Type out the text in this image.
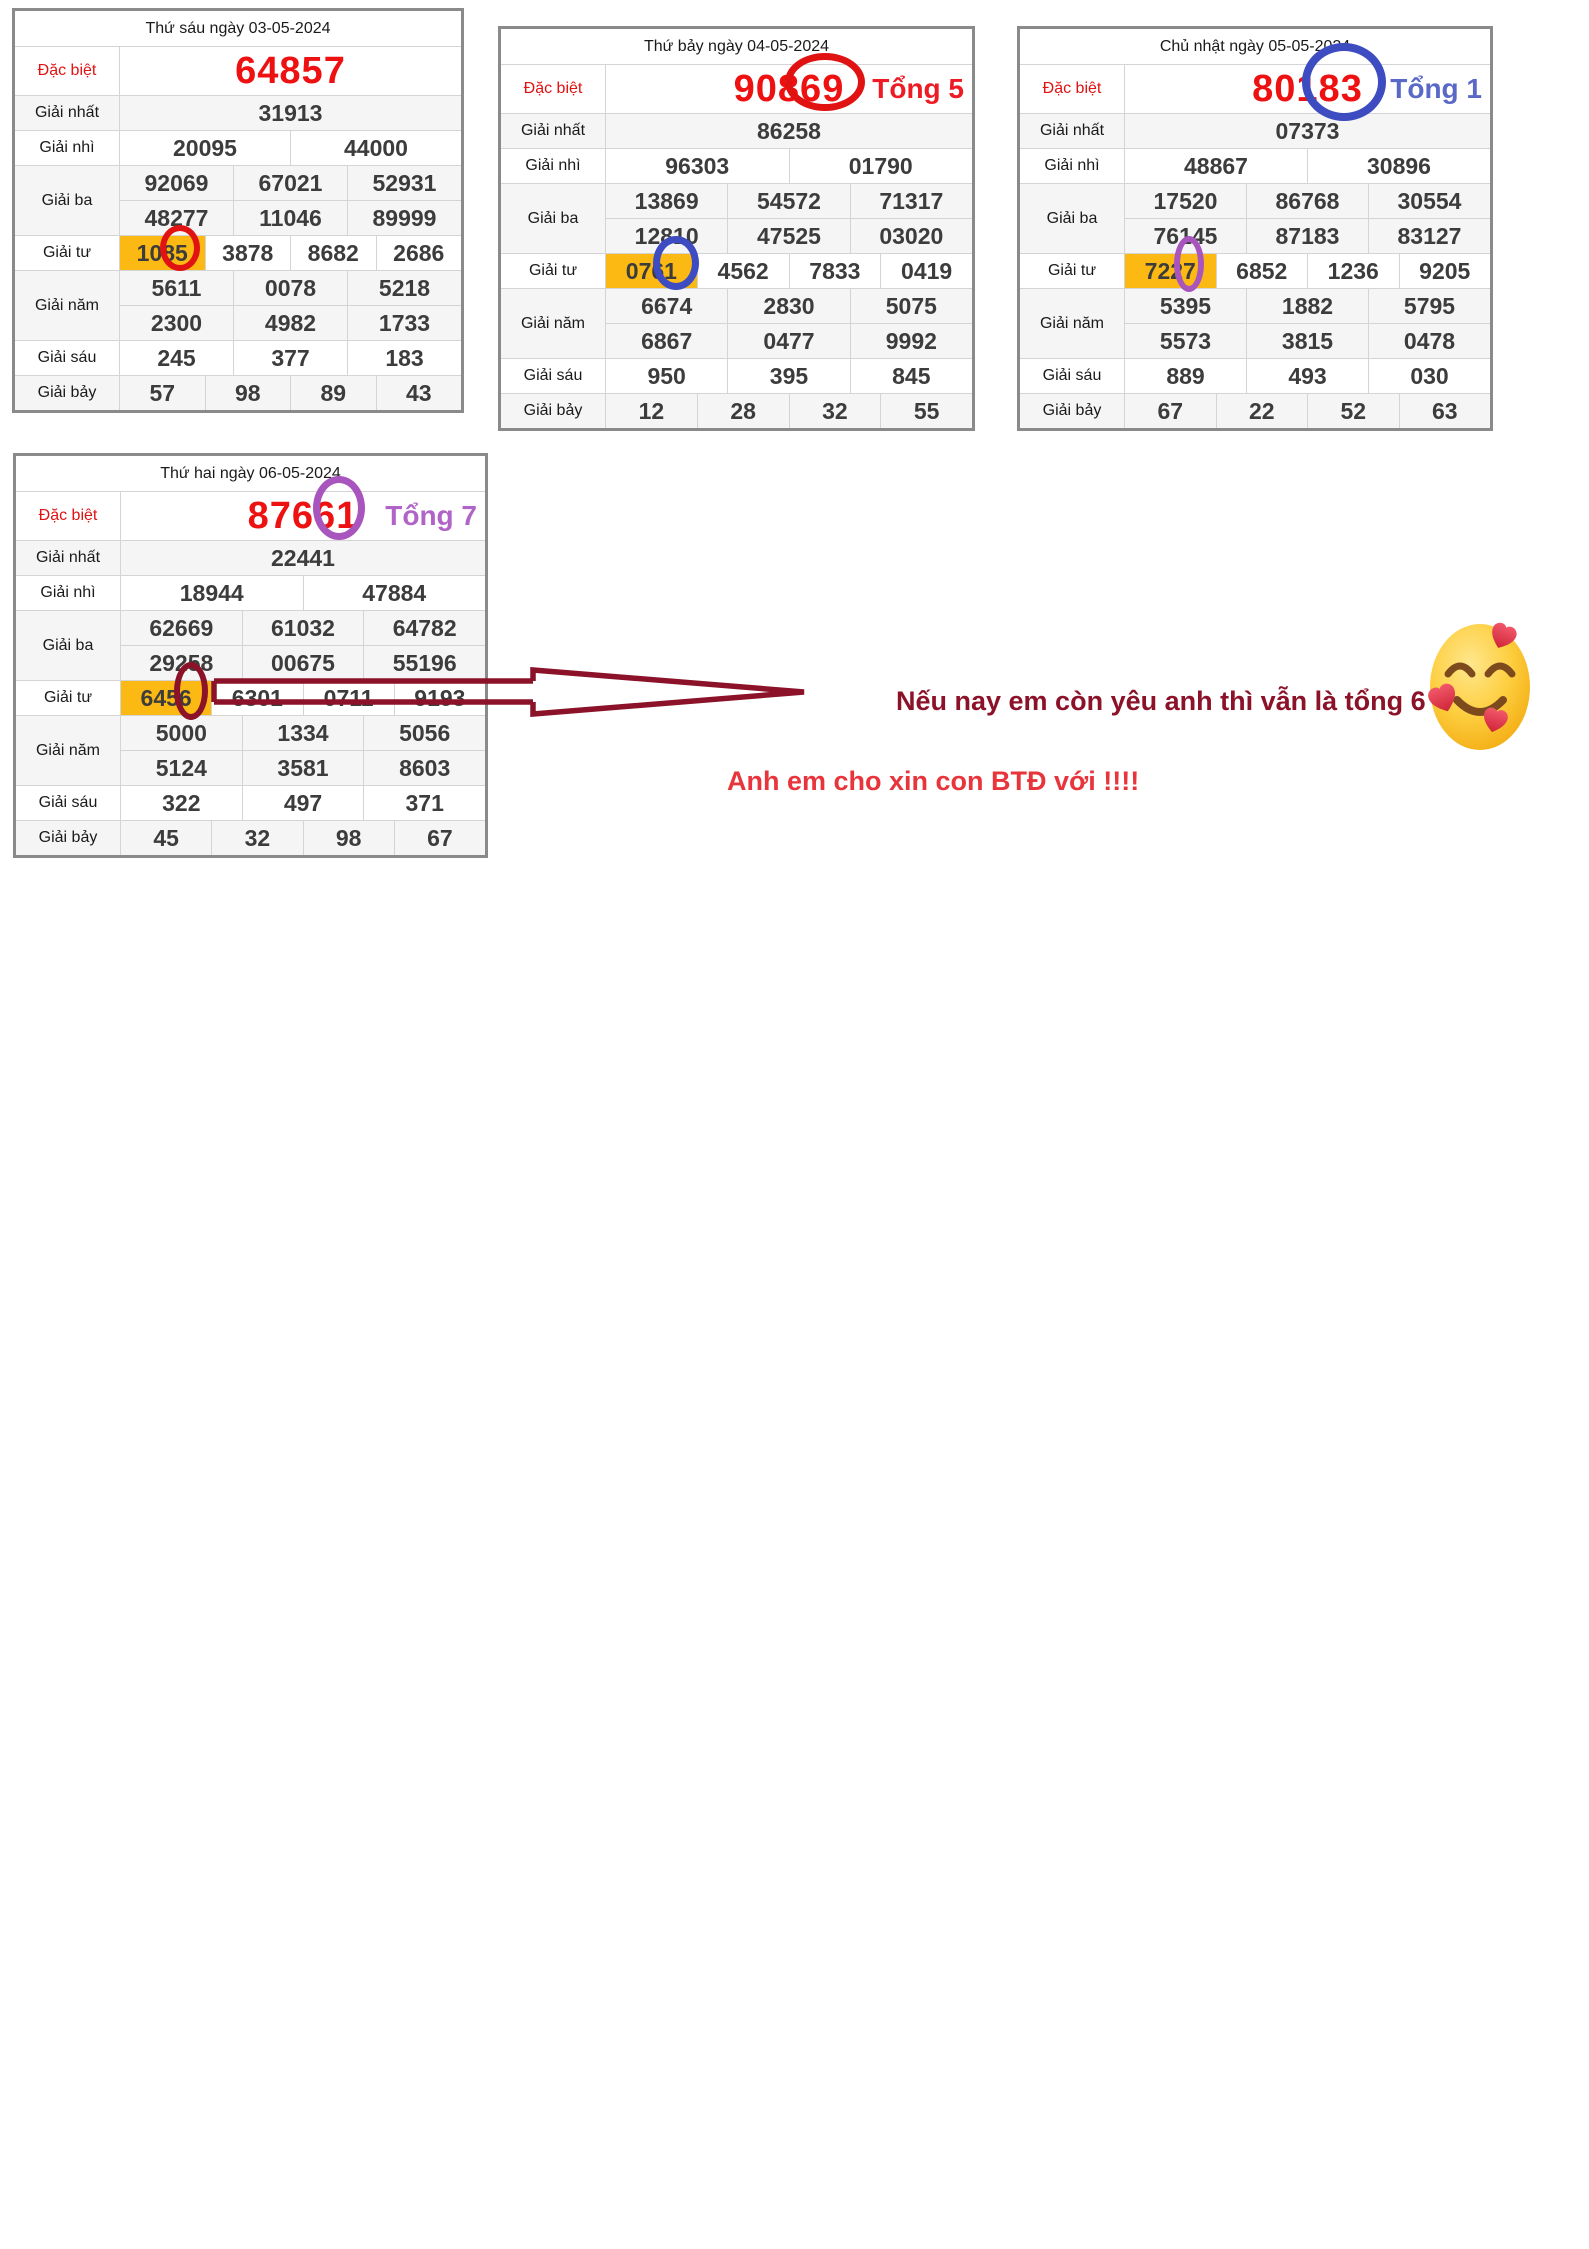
Thứ sáu ngày 03-05-2024
Đặc biệt	64857
Giải nhất	31913
Giải nhì	20095	44000
Giải ba
92069	67021	52931
48277	11046	89999
Giải tư	1085	3878	8682	2686
Giải năm
5611	0078	5218
2300	4982	1733
Giải sáu	245	377	183
Giải bảy	57	98	89	43
Thứ bảy ngày 04-05-2024
Đặc biệt	90869 Tổng 5
Giải nhất	86258
Giải nhì	96303	01790
Giải ba
13869	54572	71317
12810	47525	03020
Giải tư	0761	4562	7833	0419
Giải năm
6674	2830	5075
6867	0477	9992
Giải sáu	950	395	845
Giải bảy	12	28	32	55
Chủ nhật ngày 05-05-2024
Đặc biệt	80183 Tổng 1
Giải nhất	07373
Giải nhì	48867	30896
Giải ba
17520	86768	30554
76145	87183	83127
Giải tư	7227	6852	1236	9205
Giải năm
5395	1882	5795
5573	3815	0478
Giải sáu	889	493	030
Giải bảy	67	22	52	63
Thứ hai ngày 06-05-2024
Đặc biệt	87661 Tổng 7
Giải nhất	22441
Giải nhì	18944	47884
Giải ba
62669	61032	64782
29258	00675	55196
Giải tư	6456	6301	0711	9193
Giải năm
5000	1334	5056
5124	3581	8603
Giải sáu	322	497	371
Giải bảy	45	32	98	67
Nếu nay em còn yêu anh thì vẫn là tổng 6
Anh em cho xin con BTĐ với !!!!
